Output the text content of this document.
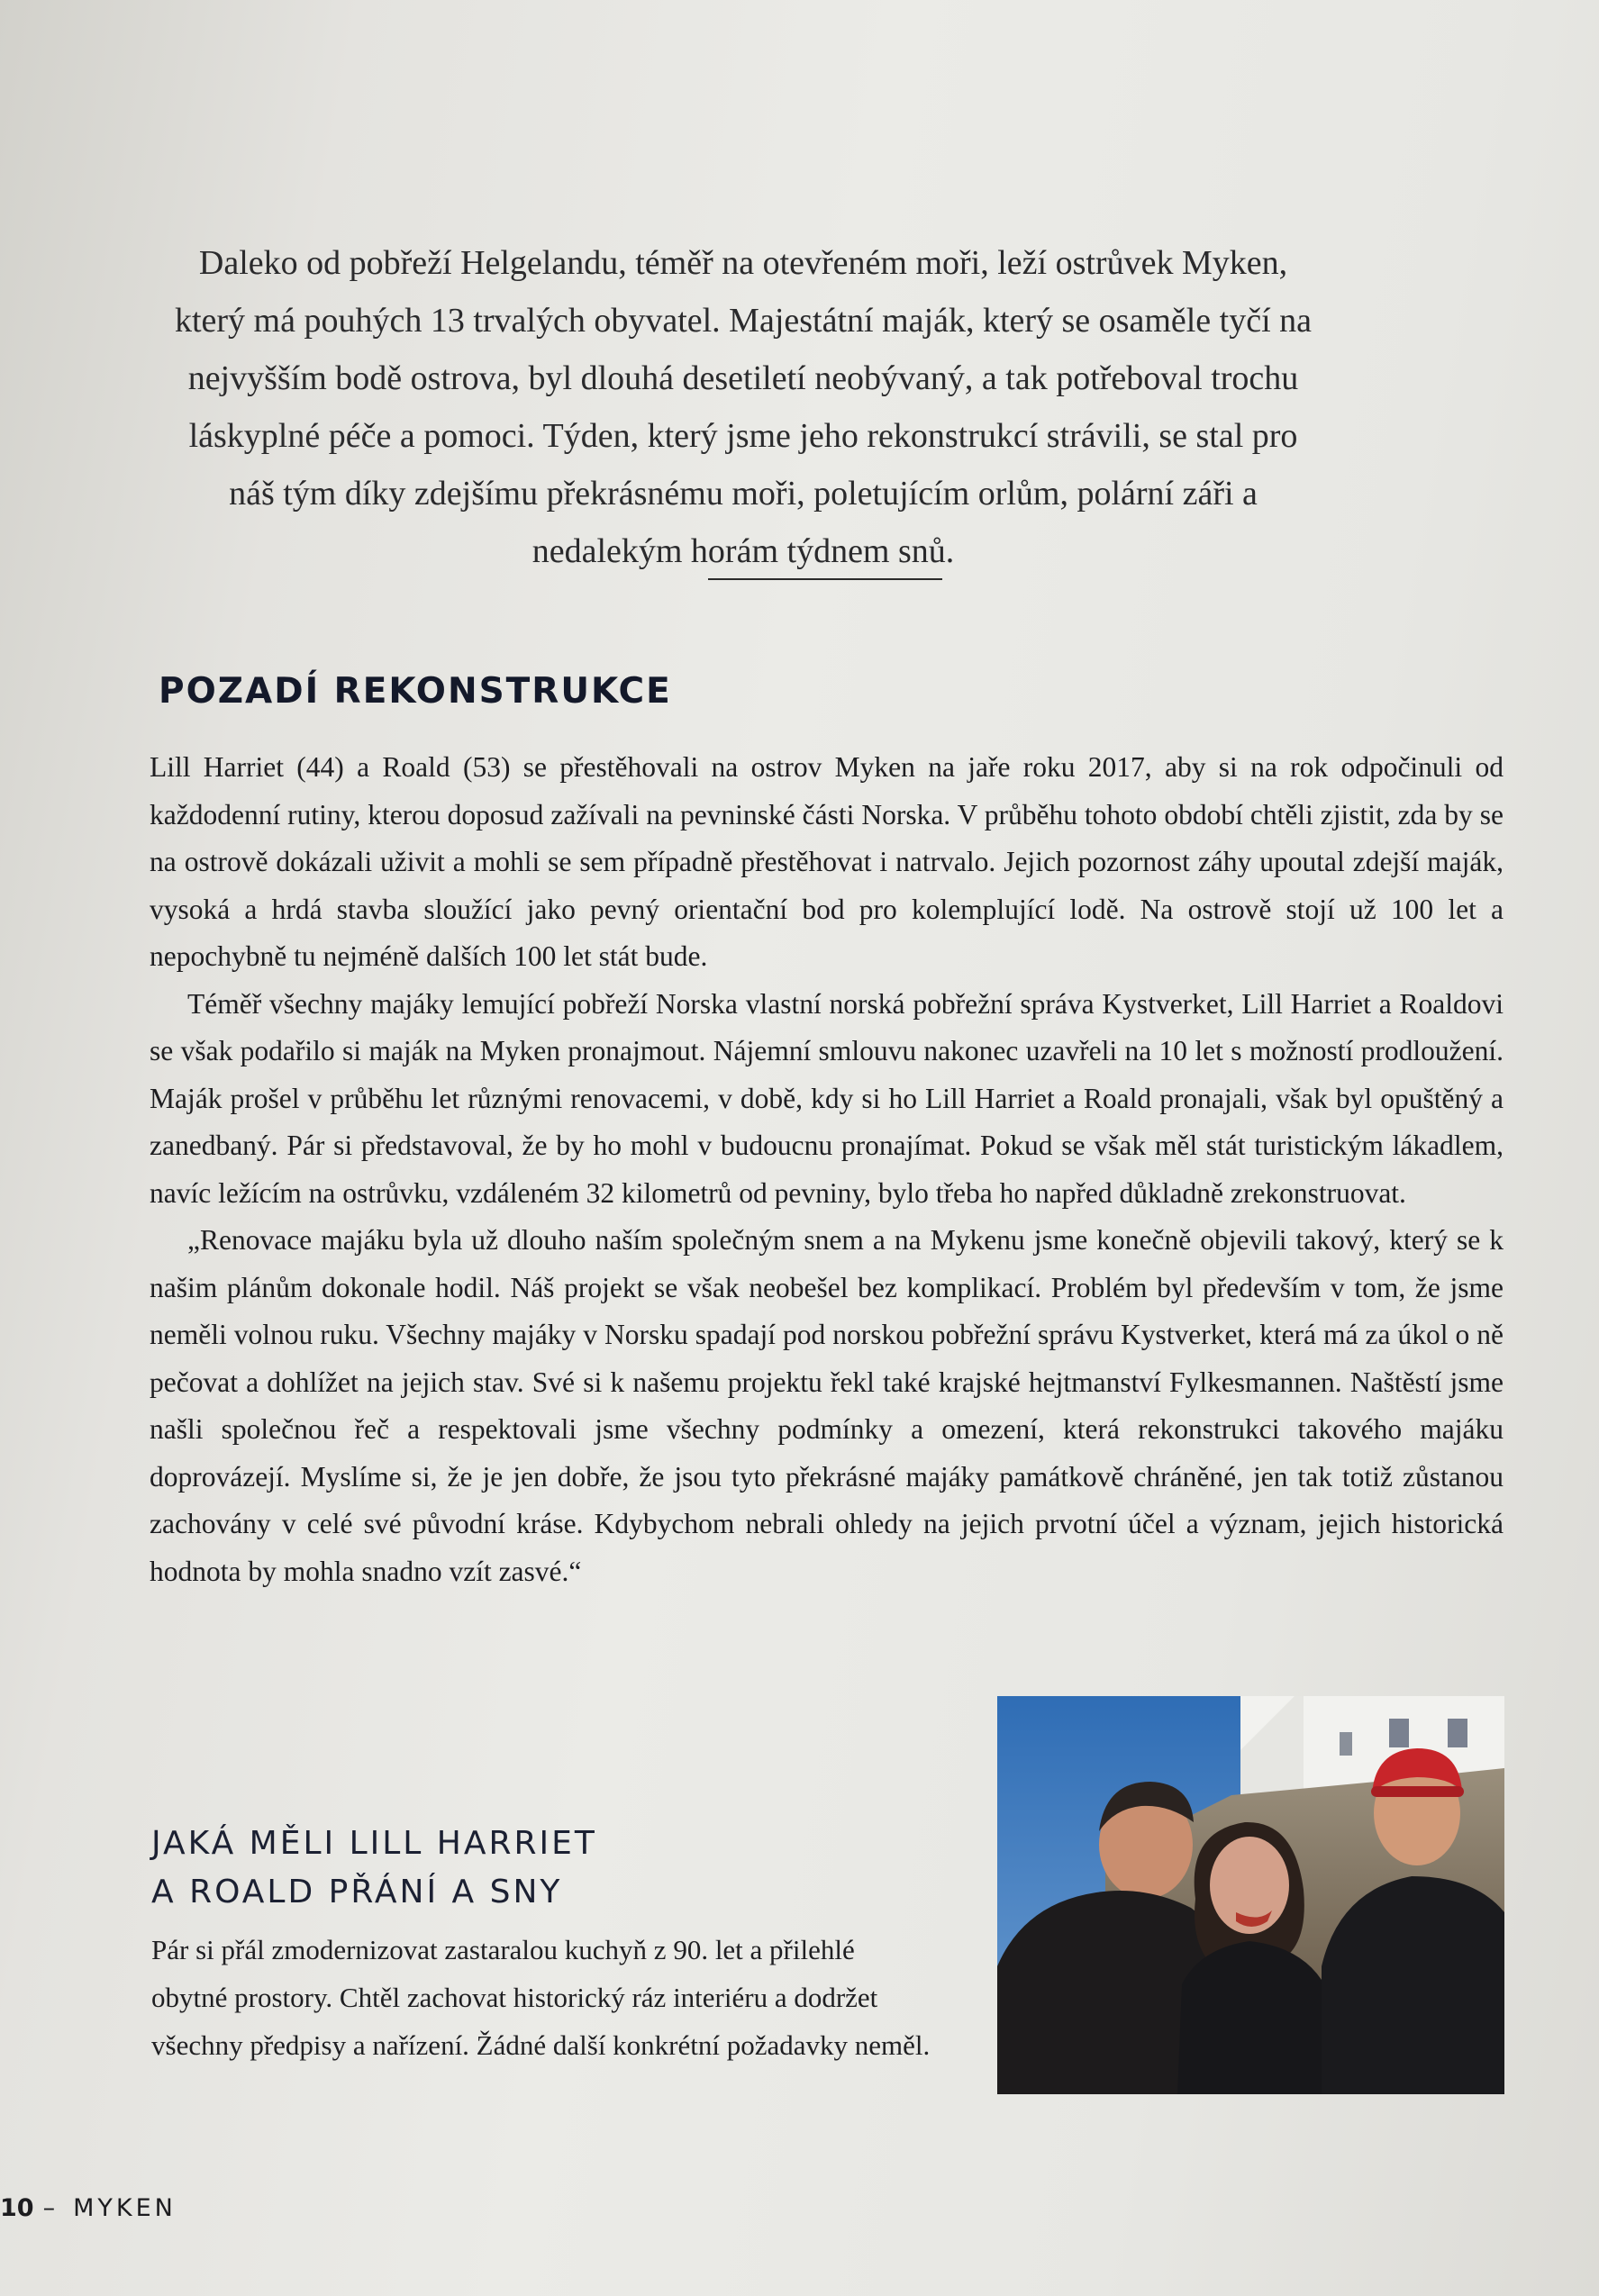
Daleko od pobřeží Helgelandu, téměř na otevřeném moři, leží ostrůvek Myken, který má pouhých 13 trvalých obyvatel. Majestátní maják, který se osaměle tyčí na nejvyšším bodě ostrova, byl dlouhá desetiletí neobývaný, a tak potřeboval trochu láskyplné péče a pomoci. Týden, který jsme jeho rekonstrukcí strávili, se stal pro náš tým díky zdejšímu překrásnému moři, poletujícím orlům, polární záři a nedalekým horám týdnem snů.

POZADÍ REKONSTRUKCE

Lill Harriet (44) a Roald (53) se přestěhovali na ostrov Myken na jaře roku 2017, aby si na rok odpočinuli od každodenní rutiny, kterou doposud zažívali na pevninské části Norska. V průběhu tohoto období chtěli zjistit, zda by se na ostrově dokázali uživit a mohli se sem případně přestěhovat i natrvalo. Jejich pozornost záhy upoutal zdejší maják, vysoká a hrdá stavba sloužící jako pevný orientační bod pro kolemplující lodě. Na ostrově stojí už 100 let a nepochybně tu nejméně dalších 100 let stát bude.

Téměř všechny majáky lemující pobřeží Norska vlastní norská pobřežní správa Kystverket, Lill Harriet a Roaldovi se však podařilo si maják na Myken pronajmout. Nájemní smlouvu nakonec uzavřeli na 10 let s možností prodloužení. Maják prošel v průběhu let různými renovacemi, v době, kdy si ho Lill Harriet a Roald pronajali, však byl opuštěný a zanedbaný. Pár si představoval, že by ho mohl v budoucnu pronajímat. Pokud se však měl stát turistickým lákadlem, navíc ležícím na ostrůvku, vzdáleném 32 kilometrů od pevniny, bylo třeba ho napřed důkladně zrekonstruovat.

„Renovace majáku byla už dlouho naším společným snem a na Mykenu jsme konečně objevili takový, který se k našim plánům dokonale hodil. Náš projekt se však neobešel bez komplikací. Problém byl především v tom, že jsme neměli volnou ruku. Všechny majáky v Norsku spadají pod norskou pobřežní správu Kystverket, která má za úkol o ně pečovat a dohlížet na jejich stav. Své si k našemu projektu řekl také krajské hejtmanství Fylkesmannen. Naštěstí jsme našli společnou řeč a respektovali jsme všechny podmínky a omezení, která rekonstrukci takového majáku doprovázejí. Myslíme si, že je jen dobře, že jsou tyto překrásné majáky památkově chráněné, jen tak totiž zůstanou zachovány v celé své původní kráse. Kdybychom nebrali ohledy na jejich prvotní účel a význam, jejich historická hodnota by mohla snadno vzít zasvé.“

JAKÁ MĚLI LILL HARRIET
A ROALD PŘÁNÍ A SNY

Pár si přál zmodernizovat zastaralou kuchyň z 90. let a přilehlé obytné prostory. Chtěl zachovat historický ráz interiéru a dodržet všechny předpisy a nařízení. Žádné další konkrétní požadavky neměl.

10 – MYKEN
